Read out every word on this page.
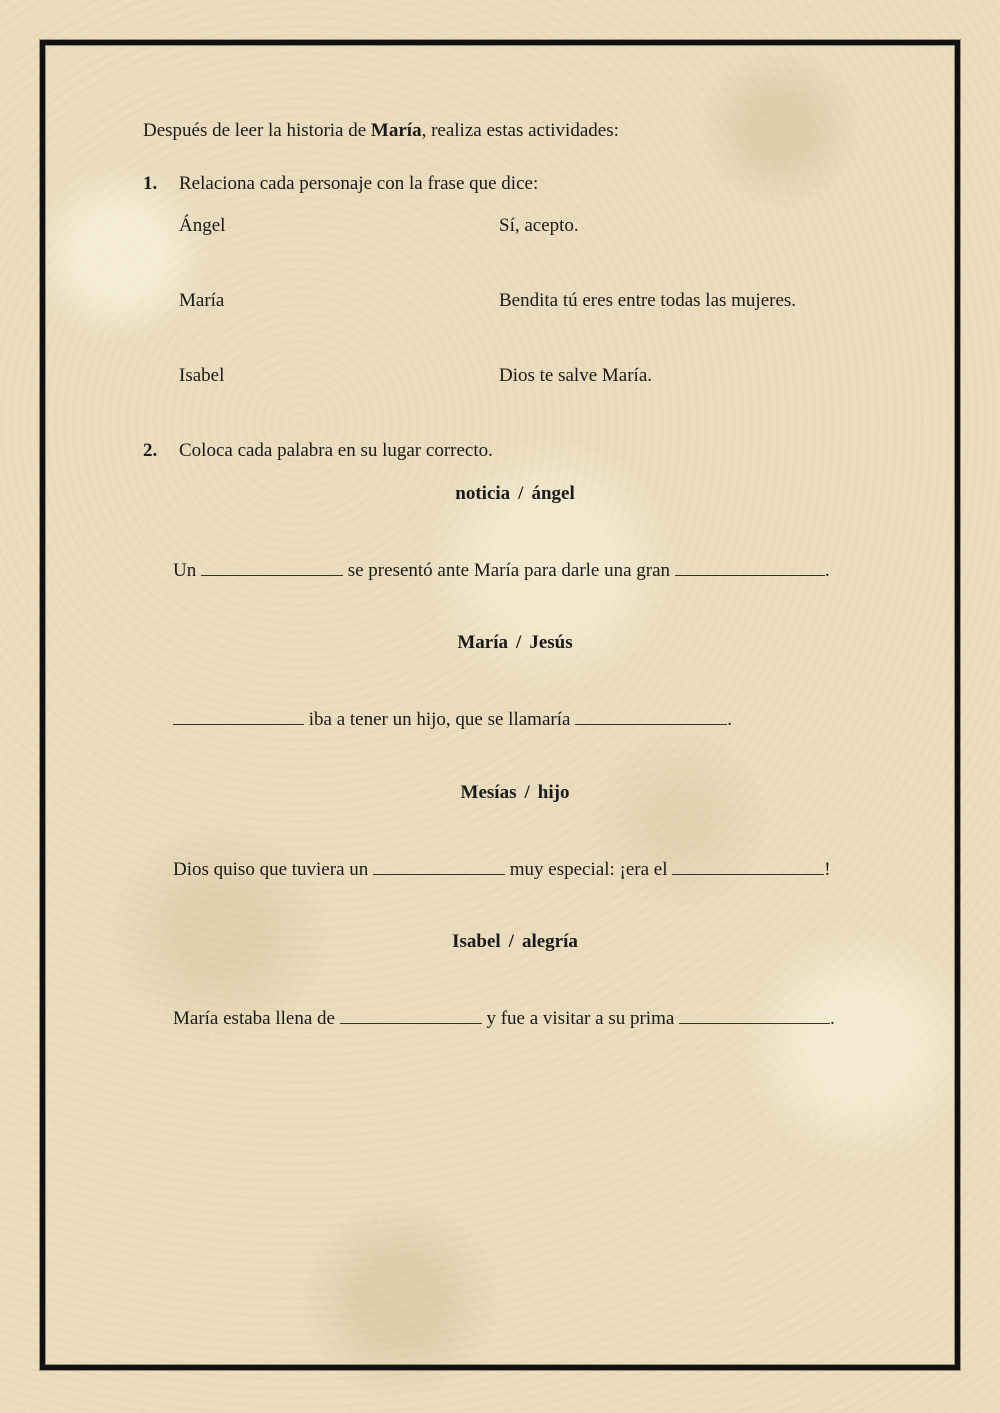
Después de leer la historia de María, realiza estas actividades:
1. Relaciona cada personaje con la frase que dice:
Ángel	Sí, acepto.
María	Bendita tú eres entre todas las mujeres.
Isabel	Dios te salve María.
2. Coloca cada palabra en su lugar correcto.
noticia / ángel
Un	se presentó ante María para darle una gran	.
María / Jesús
iba a tener un hijo, que se llamaría	.
Mesías / hijo
Dios quiso que tuviera un	muy especial: ¡era el	!
Isabel / alegría
María estaba llena de	y fue a visitar a su prima	.
